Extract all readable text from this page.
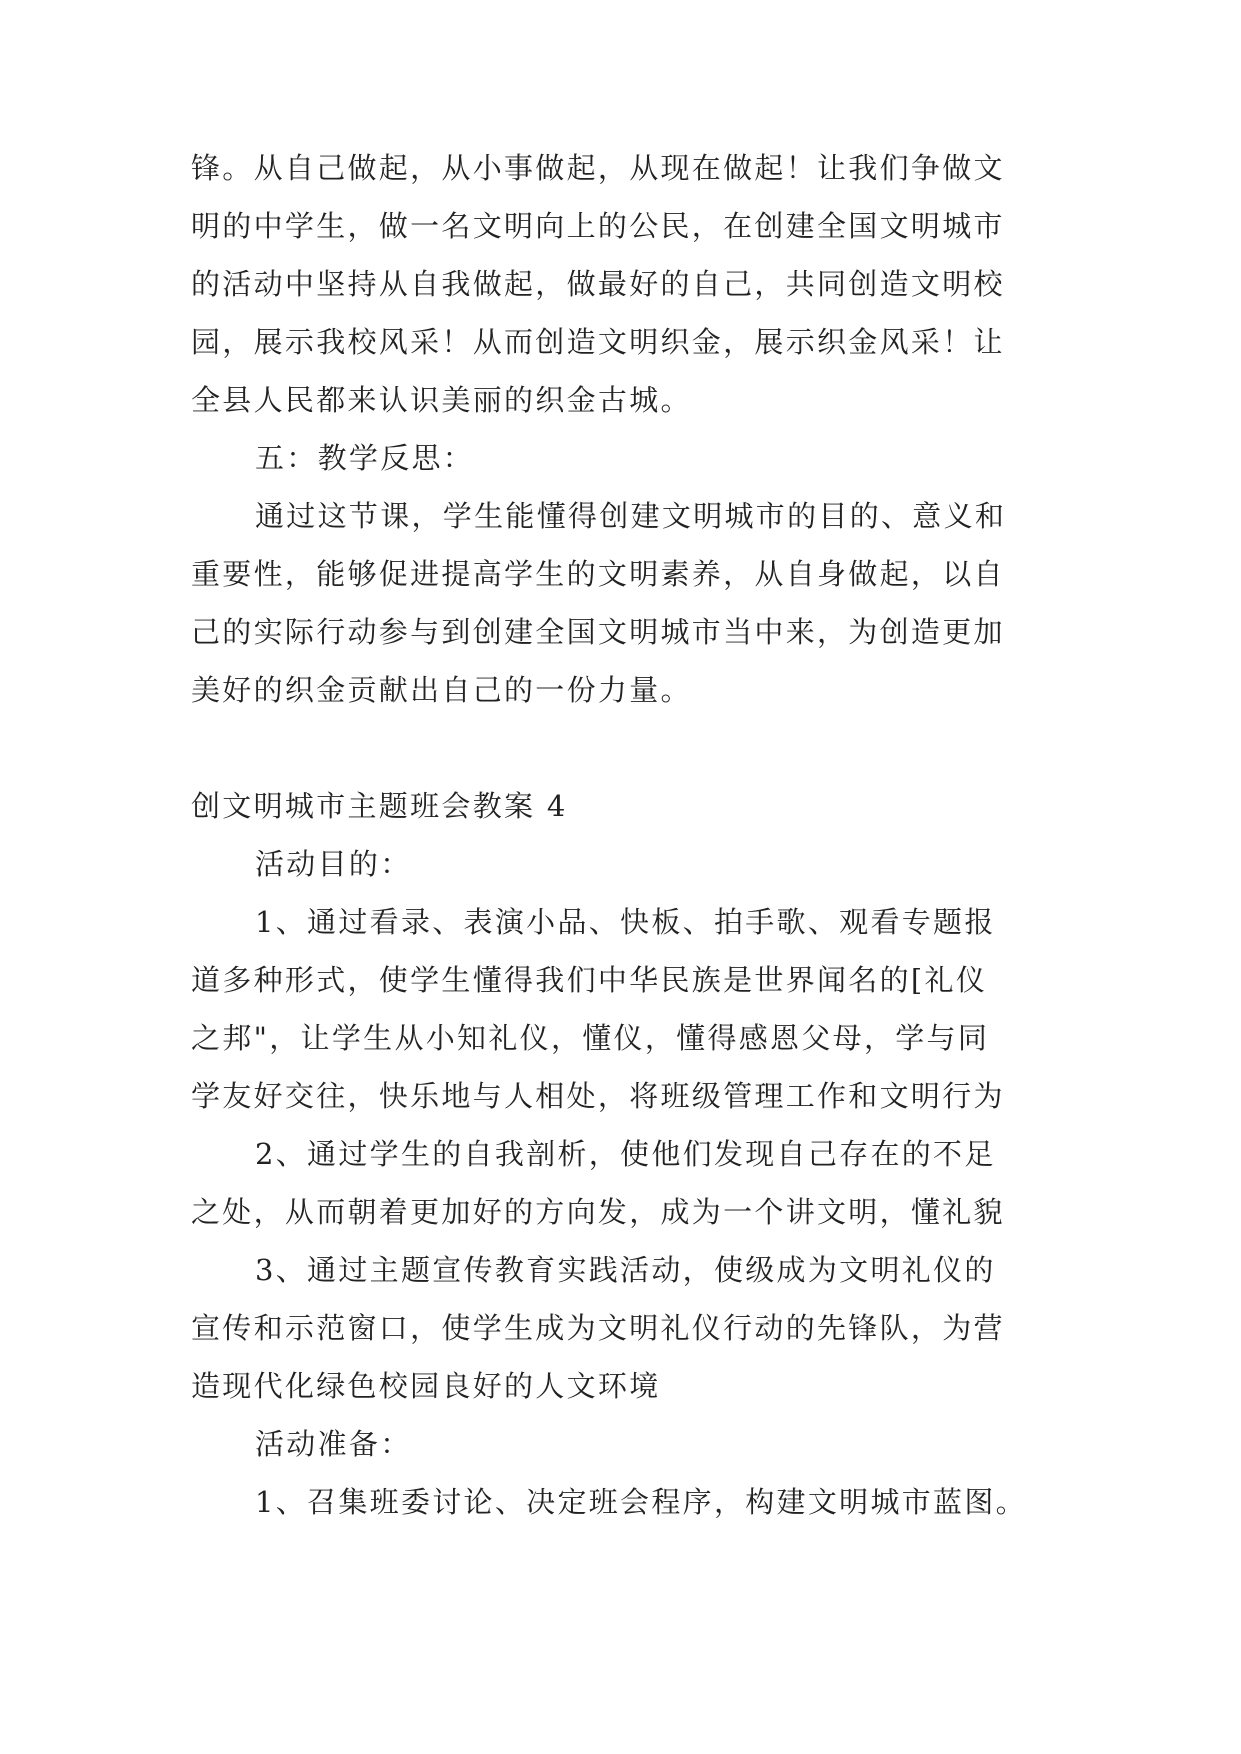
锋。从自己做起，从小事做起，从现在做起！让我们争做文
明的中学生，做一名文明向上的公民，在创建全国文明城市
的活动中坚持从自我做起，做最好的自己，共同创造文明校
园，展示我校风采！从而创造文明织金，展示织金风采！让
全县人民都来认识美丽的织金古城。
五：教学反思：
通过这节课，学生能懂得创建文明城市的目的、意义和
重要性，能够促进提高学生的文明素养，从自身做起，以自
己的实际行动参与到创建全国文明城市当中来，为创造更加
美好的织金贡献出自己的一份力量。
创文明城市主题班会教案 4
活动目的：
1、通过看录、表演小品、快板、拍手歌、观看专题报
道多种形式，使学生懂得我们中华民族是世界闻名的[礼仪
之邦"，让学生从小知礼仪，懂仪，懂得感恩父母，学与同
学友好交往，快乐地与人相处，将班级管理工作和文明行为
2、通过学生的自我剖析，使他们发现自己存在的不足
之处，从而朝着更加好的方向发，成为一个讲文明，懂礼貌
3、通过主题宣传教育实践活动，使级成为文明礼仪的
宣传和示范窗口，使学生成为文明礼仪行动的先锋队，为营
造现代化绿色校园良好的人文环境
活动准备：
1、召集班委讨论、决定班会程序，构建文明城市蓝图。
